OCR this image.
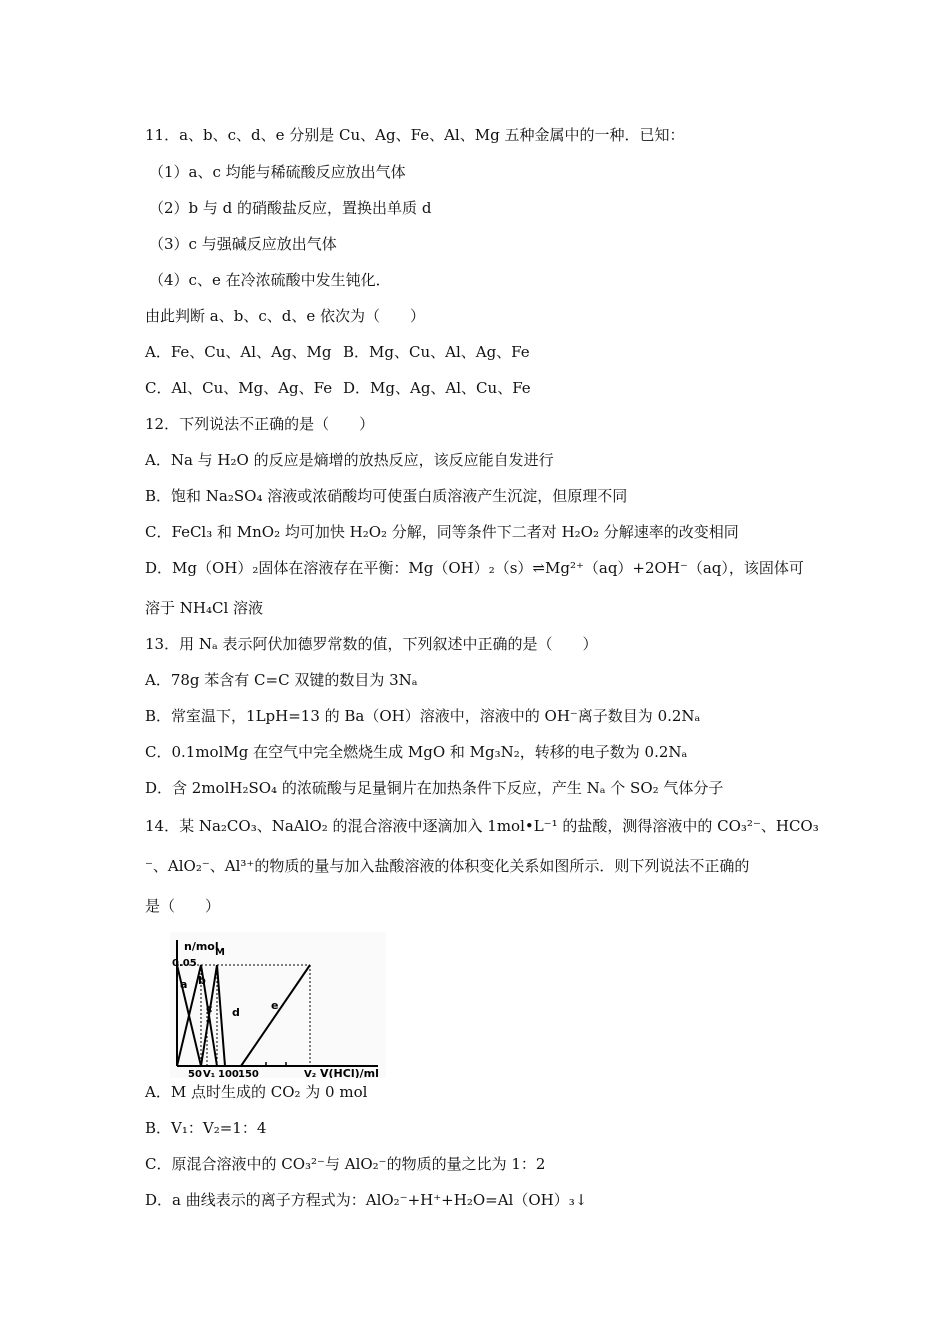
11．a、b、c、d、e 分别是 Cu、Ag、Fe、Al、Mg 五种金属中的一种．已知：
（1）a、c 均能与稀硫酸反应放出气体
（2）b 与 d 的硝酸盐反应，置换出单质 d
（3）c 与强碱反应放出气体
（4）c、e 在冷浓硫酸中发生钝化．
由此判断 a、b、c、d、e 依次为（　　）
A．Fe、Cu、Al、Ag、Mg B．Mg、Cu、Al、Ag、Fe
C．Al、Cu、Mg、Ag、Fe D．Mg、Ag、Al、Cu、Fe
12．下列说法不正确的是（　　）
A．Na 与 H₂O 的反应是熵增的放热反应，该反应能自发进行
B．饱和 Na₂SO₄ 溶液或浓硝酸均可使蛋白质溶液产生沉淀，但原理不同
C．FeCl₃ 和 MnO₂ 均可加快 H₂O₂ 分解，同等条件下二者对 H₂O₂ 分解速率的改变相同
D．Mg（OH）₂固体在溶液存在平衡：Mg（OH）₂（s）⇌Mg²⁺（aq）+2OH⁻（aq），该固体可
溶于 NH₄Cl 溶液
13．用 Nₐ 表示阿伏加德罗常数的值，下列叙述中正确的是（　　）
A．78g 苯含有 C=C 双键的数目为 3Nₐ
B．常室温下，1LpH=13 的 Ba（OH）溶液中，溶液中的 OH⁻离子数目为 0.2Nₐ
C．0.1molMg 在空气中完全燃烧生成 MgO 和 Mg₃N₂，转移的电子数为 0.2Nₐ
D．含 2molH₂SO₄ 的浓硫酸与足量铜片在加热条件下反应，产生 Nₐ 个 SO₂ 气体分子
14．某 Na₂CO₃、NaAlO₂ 的混合溶液中逐滴加入 1mol•L⁻¹ 的盐酸，测得溶液中的 CO₃²⁻、HCO₃
⁻、AlO₂⁻、Al³⁺的物质的量与加入盐酸溶液的体积变化关系如图所示．则下列说法不正确的
是（　　）
n/mol
M
0.05
V(HCl)/ml
50 V₁ 100 150	V₂
a b
c d
e
A．M 点时生成的 CO₂ 为 0 mol
B．V₁：V₂=1：4
C．原混合溶液中的 CO₃²⁻与 AlO₂⁻的物质的量之比为 1：2
D．a 曲线表示的离子方程式为：AlO₂⁻+H⁺+H₂O=Al（OH）₃↓
